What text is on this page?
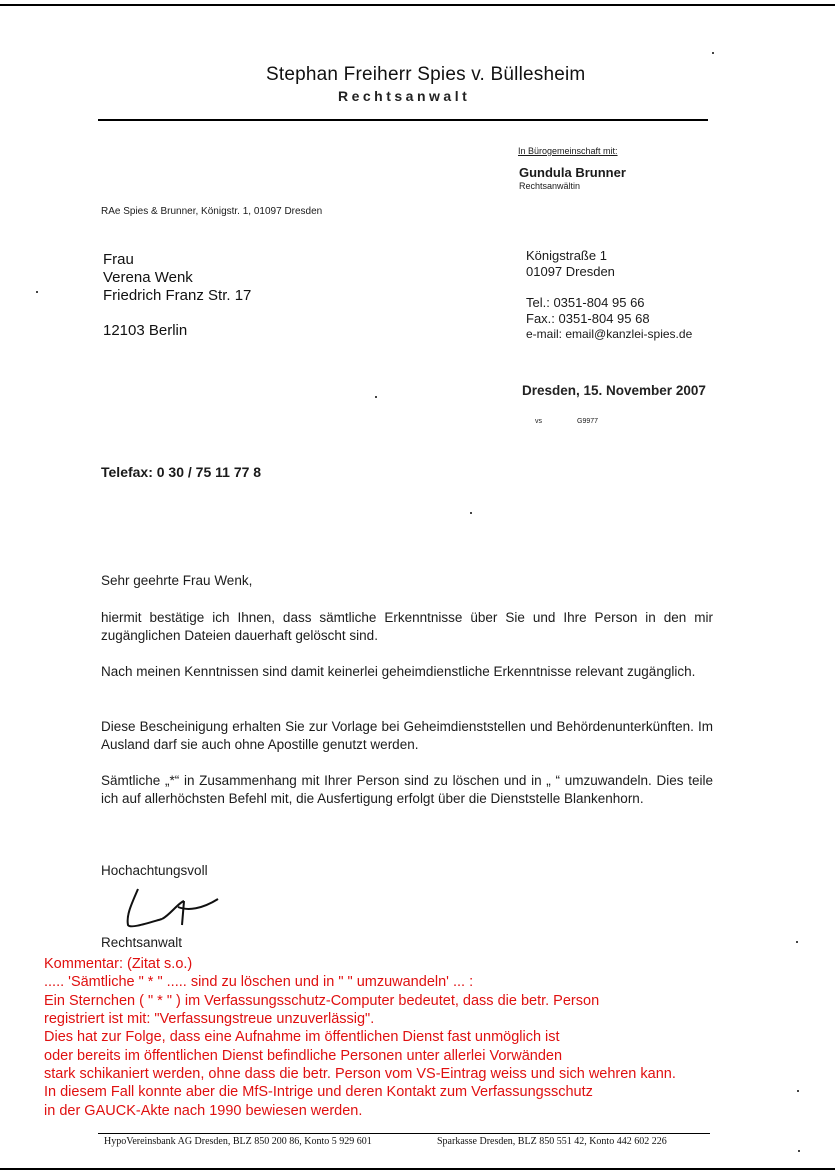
Stephan Freiherr Spies v. Büllesheim
Rechtsanwalt
In Bürogemeinschaft mit:
Gundula Brunner
Rechtsanwältin
RAe Spies & Brunner, Königstr. 1, 01097 Dresden
Frau
Verena Wenk
Friedrich Franz Str. 17
12103 Berlin
Königstraße 1
01097 Dresden
Tel.: 0351-804 95 66
Fax.: 0351-804 95 68
e-mail: email@kanzlei-spies.de
Dresden, 15. November 2007
vs	G9977
Telefax: 0 30 / 75 11 77 8
Sehr geehrte Frau Wenk,
hiermit bestätige ich Ihnen, dass sämtliche Erkenntnisse über Sie und Ihre Person in den mir zugänglichen Dateien dauerhaft gelöscht sind.
Nach meinen Kenntnissen sind damit keinerlei geheimdienstliche Erkenntnisse relevant zugänglich.
Diese Bescheinigung erhalten Sie zur Vorlage bei Geheimdienststellen und Behördenunterkünften. Im Ausland darf sie auch ohne Apostille genutzt werden.
Sämtliche „*“ in Zusammenhang mit Ihrer Person sind zu löschen und in „ “ umzuwandeln. Dies teile ich auf allerhöchsten Befehl mit, die Ausfertigung erfolgt über die Dienststelle Blankenhorn.
Hochachtungsvoll
Rechtsanwalt
Kommentar: (Zitat s.o.)
..... 'Sämtliche " * " ..... sind zu löschen und in " " umzuwandeln' ... :
Ein Sternchen ( " * " ) im Verfassungsschutz-Computer bedeutet, dass die betr. Person
registriert ist mit: "Verfassungstreue unzuverlässig".
Dies hat zur Folge, dass eine Aufnahme im öffentlichen Dienst fast unmöglich ist
oder bereits im öffentlichen Dienst befindliche Personen unter allerlei Vorwänden
stark schikaniert werden, ohne dass die betr. Person vom VS-Eintrag weiss und sich wehren kann.
In diesem Fall konnte aber die MfS-Intrige und deren Kontakt zum Verfassungsschutz
in der GAUCK-Akte nach 1990 bewiesen werden.
HypoVereinsbank AG Dresden, BLZ 850 200 86, Konto 5 929 601	Sparkasse Dresden, BLZ 850 551 42, Konto 442 602 226
